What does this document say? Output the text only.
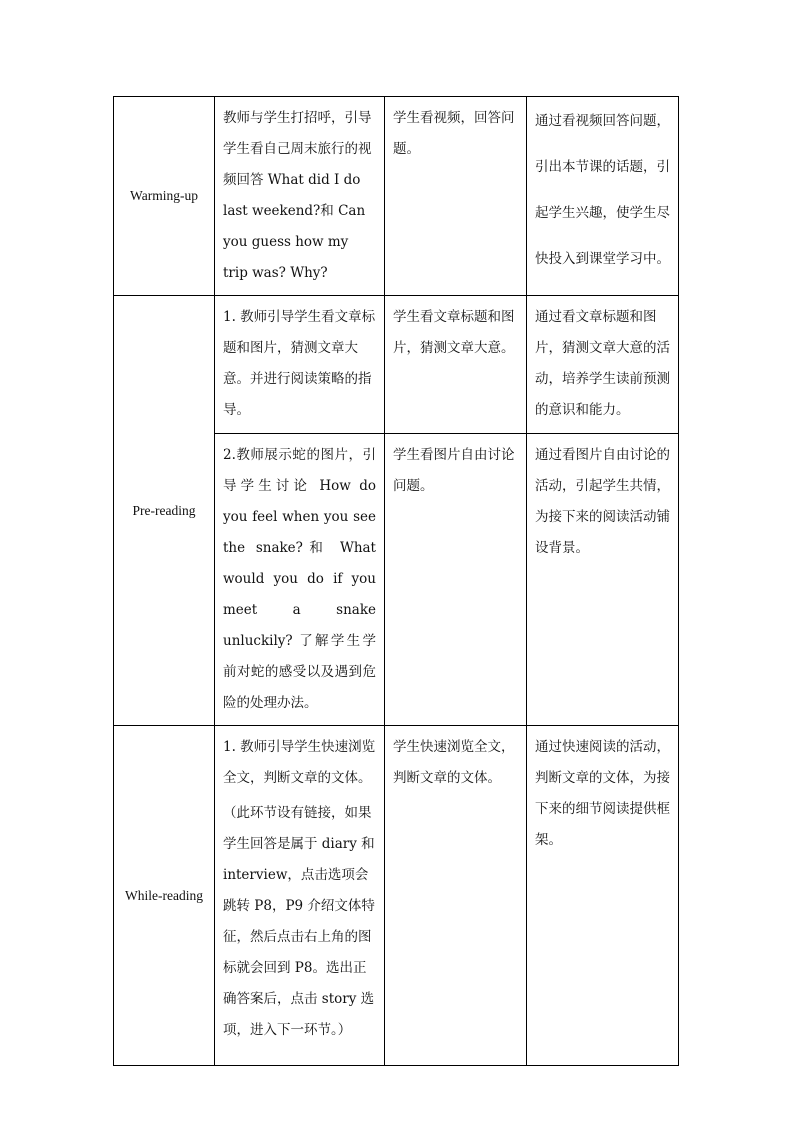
Warming-up	教师与学生打招呼，引导学生看自己周末旅行的视频回答 What did I do last weekend?和 Can you guess how my trip was? Why?	学生看视频，回答问题。	通过看视频回答问题，引出本节课的话题，引起学生兴趣，使学生尽快投入到课堂学习中。

Pre-reading	1. 教师引导学生看文章标题和图片，猜测文章大意。并进行阅读策略的指导。	学生看文章标题和图片，猜测文章大意。	通过看文章标题和图片，猜测文章大意的活动，培养学生读前预测的意识和能力。

	2.教师展示蛇的图片，引导学生讨论 How do you feel when you see the snake?和 What would you do if you meet a snake unluckily? 了解学生学前对蛇的感受以及遇到危险的处理办法。	学生看图片自由讨论问题。	通过看图片自由讨论的活动，引起学生共情，为接下来的阅读活动铺设背景。

While-reading	1. 教师引导学生快速浏览全文，判断文章的文体。

（此环节设有链接，如果学生回答是属于 diary 和 interview，点击选项会跳转 P8，P9 介绍文体特征，然后点击右上角的图标就会回到 P8。选出正确答案后，点击 story 选项，进入下一环节。）	学生快速浏览全文，判断文章的文体。	通过快速阅读的活动，判断文章的文体，为接下来的细节阅读提供框架。
